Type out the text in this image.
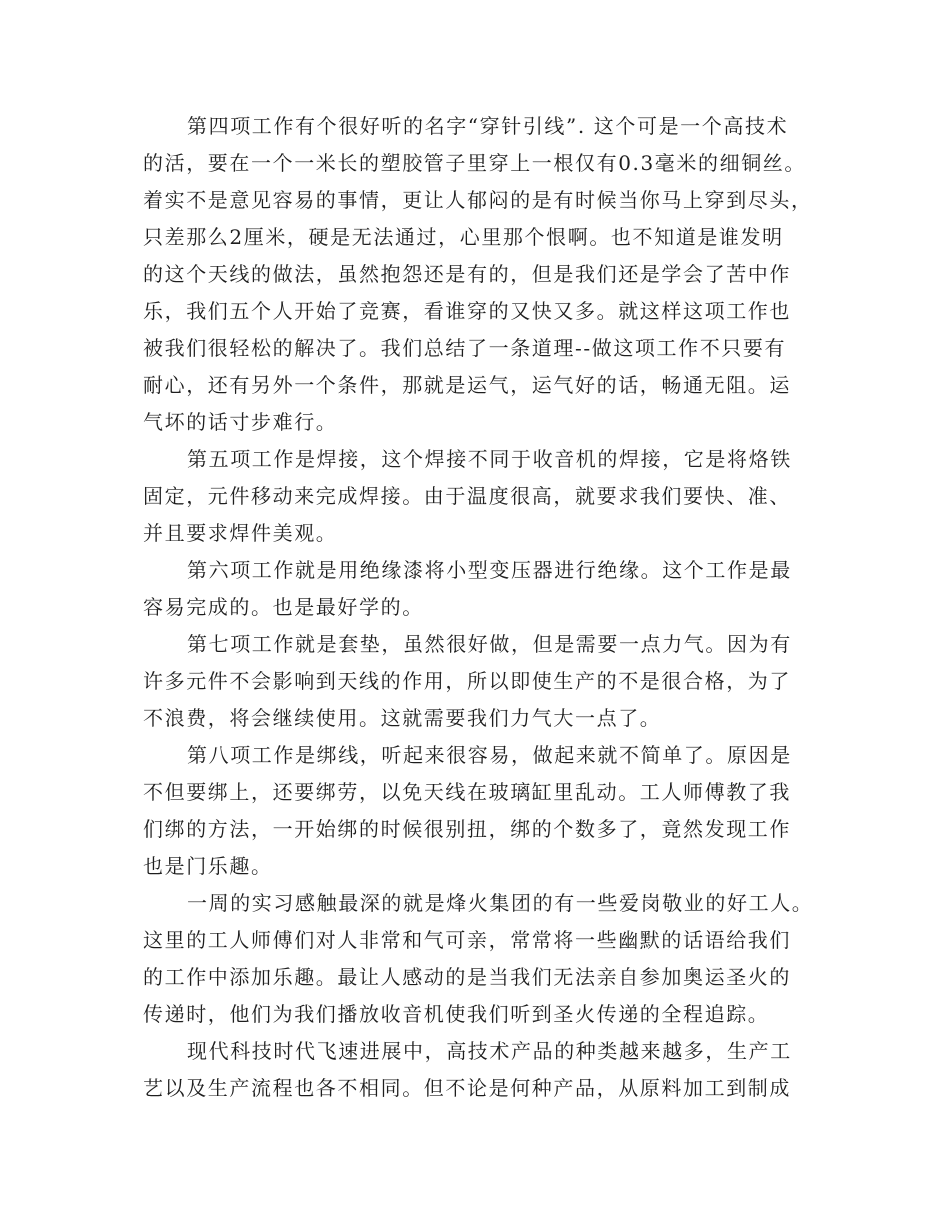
第四项工作有个很好听的名字“穿针引线”. 这个可是一个高技术
的活，要在一个一米长的塑胶管子里穿上一根仅有0.3毫米的细铜丝。
着实不是意见容易的事情，更让人郁闷的是有时候当你马上穿到尽头，
只差那么2厘米，硬是无法通过，心里那个恨啊。也不知道是谁发明
的这个天线的做法，虽然抱怨还是有的，但是我们还是学会了苦中作
乐，我们五个人开始了竞赛，看谁穿的又快又多。就这样这项工作也
被我们很轻松的解决了。我们总结了一条道理--做这项工作不只要有
耐心，还有另外一个条件，那就是运气，运气好的话，畅通无阻。运
气坏的话寸步难行。
第五项工作是焊接，这个焊接不同于收音机的焊接，它是将烙铁
固定，元件移动来完成焊接。由于温度很高，就要求我们要快、准、
并且要求焊件美观。
第六项工作就是用绝缘漆将小型变压器进行绝缘。这个工作是最
容易完成的。也是最好学的。
第七项工作就是套垫，虽然很好做，但是需要一点力气。因为有
许多元件不会影响到天线的作用，所以即使生产的不是很合格，为了
不浪费，将会继续使用。这就需要我们力气大一点了。
第八项工作是绑线，听起来很容易，做起来就不简单了。原因是
不但要绑上，还要绑劳，以免天线在玻璃缸里乱动。工人师傅教了我
们绑的方法，一开始绑的时候很别扭，绑的个数多了，竟然发现工作
也是门乐趣。
一周的实习感触最深的就是烽火集团的有一些爱岗敬业的好工人。
这里的工人师傅们对人非常和气可亲，常常将一些幽默的话语给我们
的工作中添加乐趣。最让人感动的是当我们无法亲自参加奥运圣火的
传递时，他们为我们播放收音机使我们听到圣火传递的全程追踪。
现代科技时代飞速进展中，高技术产品的种类越来越多，生产工
艺以及生产流程也各不相同。但不论是何种产品，从原料加工到制成
